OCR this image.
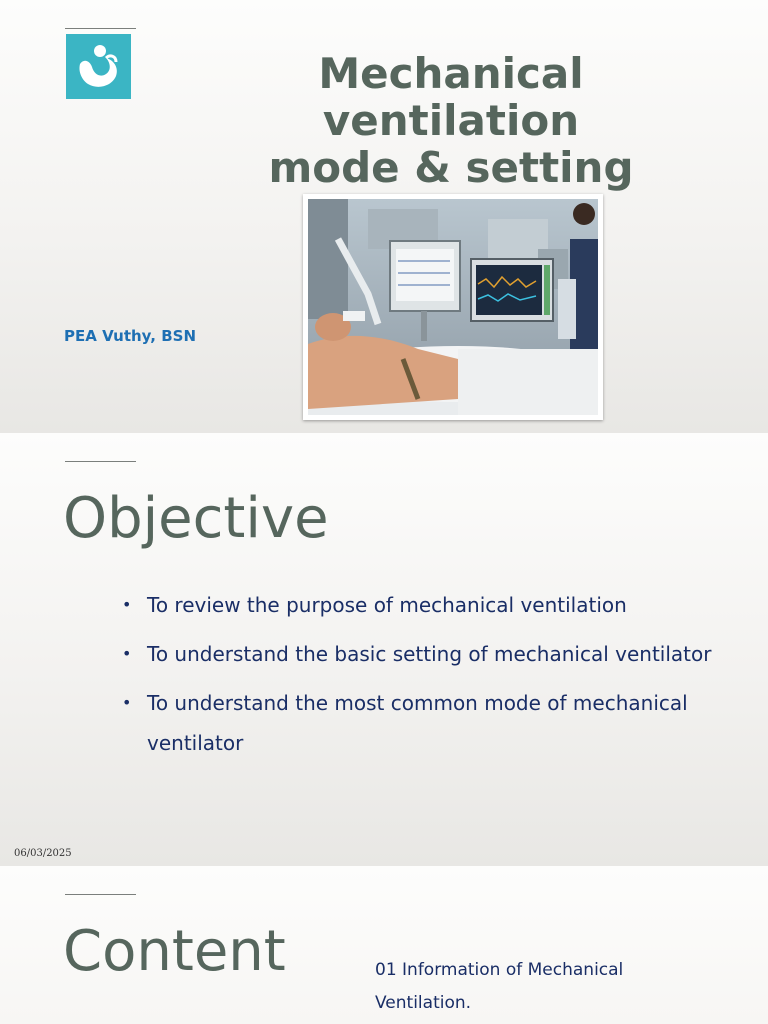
Mechanical
ventilation
mode & setting
PEA Vuthy, BSN
Objective
• To review the purpose of mechanical ventilation
• To understand the basic setting of mechanical ventilator
• To understand the most common mode of mechanical ventilator
06/03/2025
Content	01 Information of Mechanical Ventilation.
